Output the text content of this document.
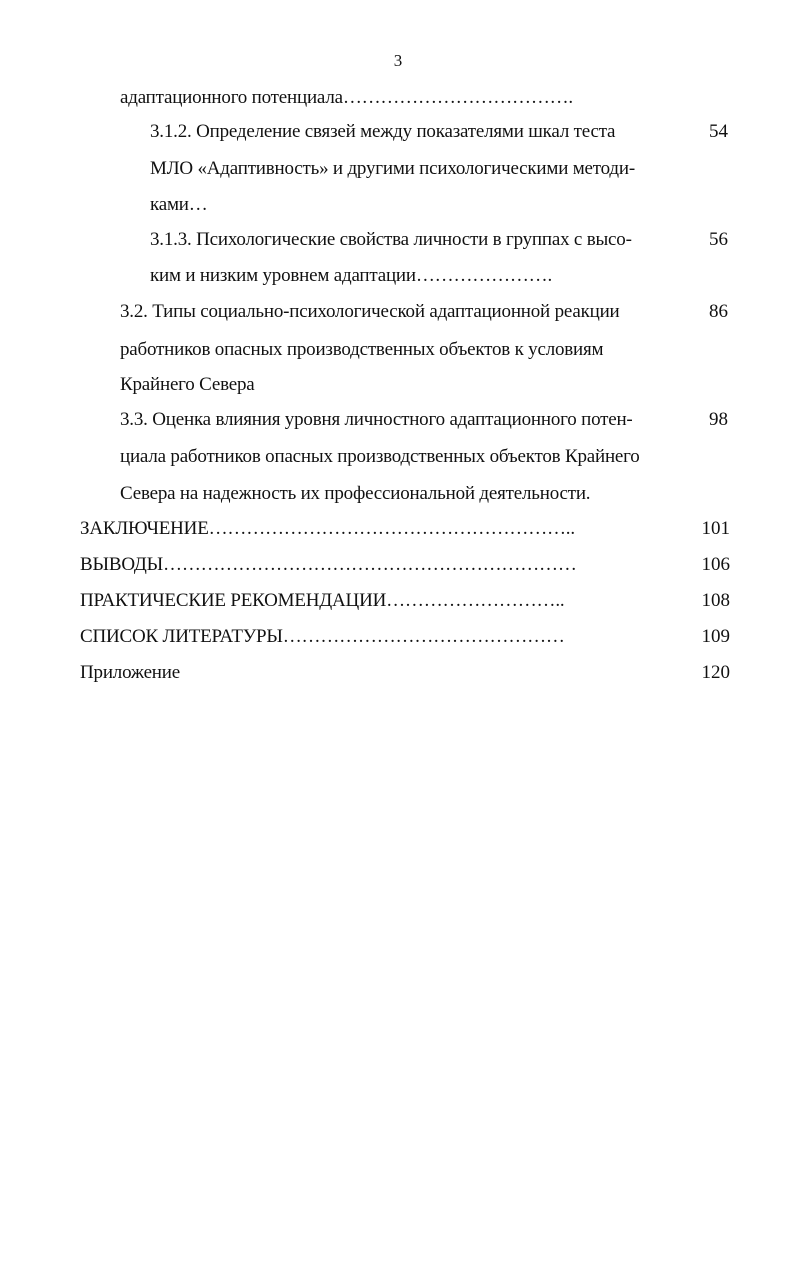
3
адаптационного потенциала……………………………….
3.1.2. Определение связей между показателями шкал теста	54
МЛО «Адаптивность» и другими психологическими методи-
ками…
3.1.3. Психологические свойства личности в группах с высо-	56
ким и низким уровнем адаптации………………….
3.2. Типы социально-психологической адаптационной реакции	86
работников опасных производственных объектов к условиям
Крайнего Севера
3.3. Оценка влияния уровня личностного адаптационного потен-	98
циала работников опасных производственных объектов Крайнего
Севера на надежность их профессиональной деятельности.
ЗАКЛЮЧЕНИЕ…………………………………………………..	101
ВЫВОДЫ…………………………………………………………	106
ПРАКТИЧЕСКИЕ РЕКОМЕНДАЦИИ………………………..	108
СПИСОК ЛИТЕРАТУРЫ………………………………………	109
Приложение	120
